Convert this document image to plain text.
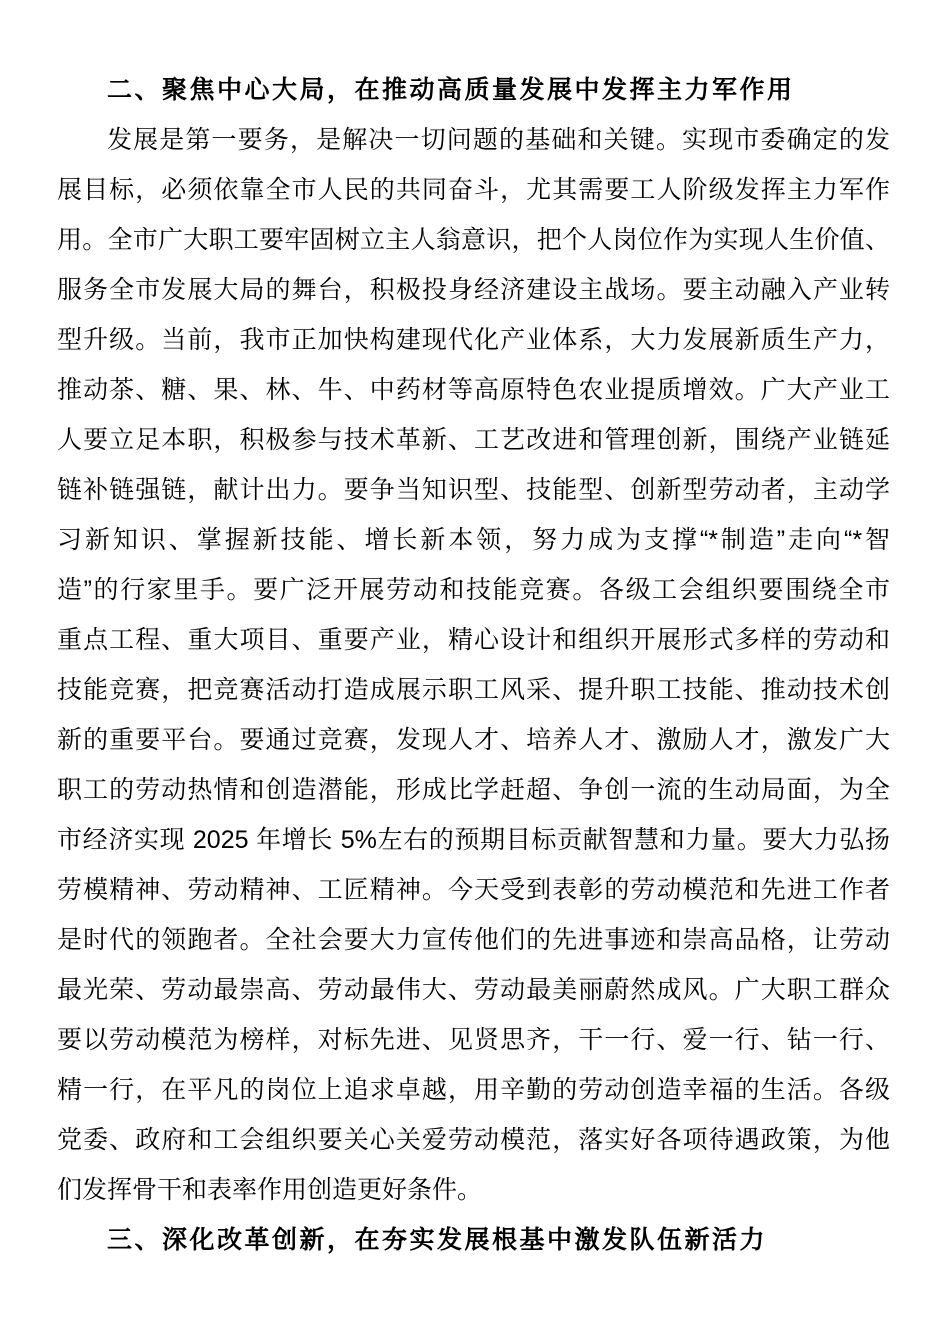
二、聚焦中心大局，在推动高质量发展中发挥主力军作用
发展是第一要务，是解决一切问题的基础和关键。实现市委确定的发
展目标，必须依靠全市人民的共同奋斗，尤其需要工人阶级发挥主力军作
用。全市广大职工要牢固树立主人翁意识，把个人岗位作为实现人生价值、
服务全市发展大局的舞台，积极投身经济建设主战场。要主动融入产业转
型升级。当前，我市正加快构建现代化产业体系，大力发展新质生产力，
推动茶、糖、果、林、牛、中药材等高原特色农业提质增效。广大产业工
人要立足本职，积极参与技术革新、工艺改进和管理创新，围绕产业链延
链补链强链，献计出力。要争当知识型、技能型、创新型劳动者，主动学
习新知识、掌握新技能、增长新本领，努力成为支撑“*制造”走向“*智
造”的行家里手。要广泛开展劳动和技能竞赛。各级工会组织要围绕全市
重点工程、重大项目、重要产业，精心设计和组织开展形式多样的劳动和
技能竞赛，把竞赛活动打造成展示职工风采、提升职工技能、推动技术创
新的重要平台。要通过竞赛，发现人才、培养人才、激励人才，激发广大
职工的劳动热情和创造潜能，形成比学赶超、争创一流的生动局面，为全
市经济实现 2025 年增长 5%左右的预期目标贡献智慧和力量。要大力弘扬
劳模精神、劳动精神、工匠精神。今天受到表彰的劳动模范和先进工作者
是时代的领跑者。全社会要大力宣传他们的先进事迹和崇高品格，让劳动
最光荣、劳动最崇高、劳动最伟大、劳动最美丽蔚然成风。广大职工群众
要以劳动模范为榜样，对标先进、见贤思齐，干一行、爱一行、钻一行、
精一行，在平凡的岗位上追求卓越，用辛勤的劳动创造幸福的生活。各级
党委、政府和工会组织要关心关爱劳动模范，落实好各项待遇政策，为他
们发挥骨干和表率作用创造更好条件。
三、深化改革创新，在夯实发展根基中激发队伍新活力
